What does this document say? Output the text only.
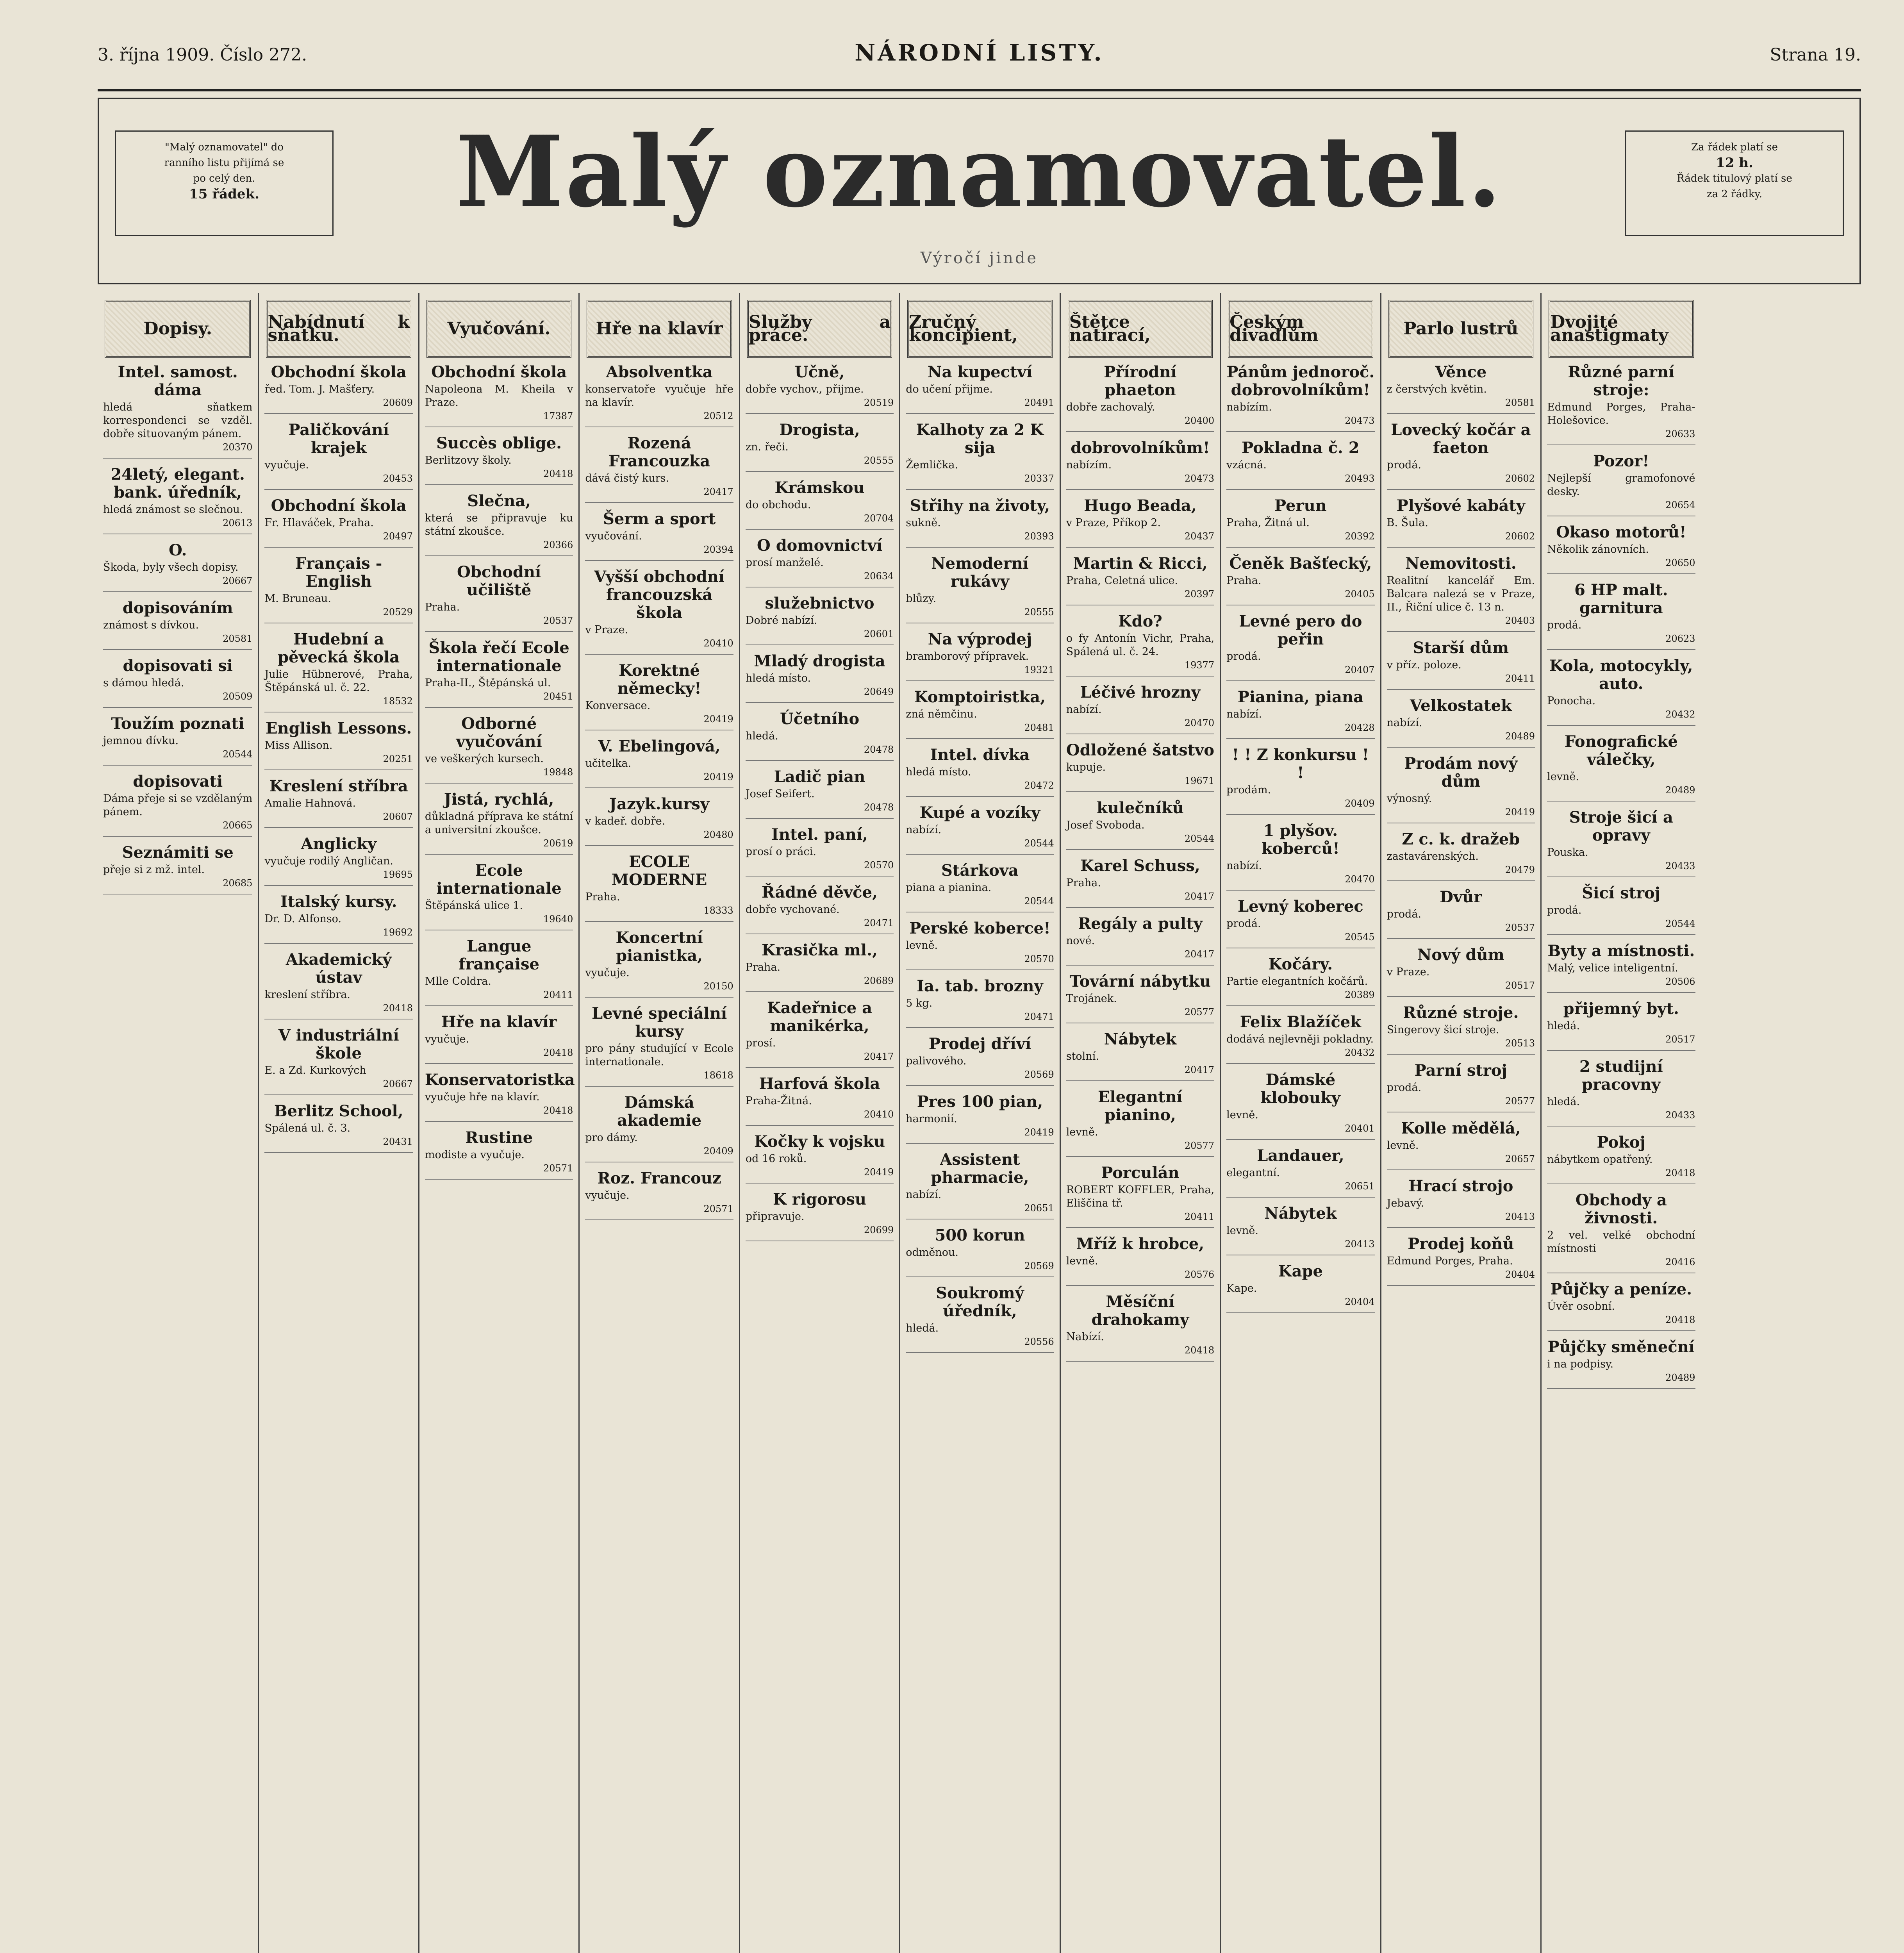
3. října 1909. Číslo 272.	NÁRODNÍ LISTY.	Strana 19.
"Malý oznamovatel" do
ranního listu přijímá se
po celý den.
15 řádek.	Malý oznamovatel.	Za řádek platí se
12 h.
Řádek titulový platí se
za 2 řádky.
Výročí jinde
Dopisy.
Intel. samost. dáma
hledá sňatkem korrespondenci se vzděl. dobře situovaným pánem.
20370
24letý, elegant. bank. úředník,
hledá známost se slečnou.
20613
O.
Škoda, byly všech dopisy.
20667
dopisováním
známost s dívkou.
20581
dopisovati si
s dámou hledá.
20509
Toužím poznati
jemnou dívku.
20544
dopisovati
Dáma přeje si se vzdělaným pánem.
20665
Seznámiti se
přeje si z mž. intel.
20685
Nabídnutí k sňatku.
Obchodní škola
řed. Tom. J. Mašťery.
20609
Paličkování krajek
vyučuje.
20453
Obchodní škola
Fr. Hlaváček, Praha.
20497
Français - English
M. Bruneau.
20529
Hudební a pěvecká škola
Julie Hübnerové, Praha, Štěpánská ul. č. 22.
18532
English Lessons.
Miss Allison.
20251
Kreslení stříbra
Amalie Hahnová.
20607
Anglicky
vyučuje rodilý Angličan.
19695
Italský kursy.
Dr. D. Alfonso.
19692
Akademický ústav
kreslení stříbra.
20418
V industriální škole
E. a Zd. Kurkových
20667
Berlitz School,
Spálená ul. č. 3.
20431
Vyučování.
Obchodní škola
Napoleona M. Kheila v Praze.
17387
Succès oblige.
Berlitzovy školy.
20418
Slečna,
která se připravuje ku státní zkoušce.
20366
Obchodní učiliště
Praha.
20537
Škola řečí Ecole internationale
Praha-II., Štěpánská ul.
20451
Odborné vyučování
ve veškerých kursech.
19848
Jistá, rychlá,
důkladná příprava ke státní a universitní zkoušce.
20619
Ecole internationale
Štěpánská ulice 1.
19640
Langue française
Mlle Coldra.
20411
Hře na klavír
vyučuje.
20418
Konservatoristka
vyučuje hře na klavír.
20418
Rustine
modiste a vyučuje.
20571
Hře na klavír
Absolventka
konservatoře vyučuje hře na klavír.
20512
Rozená Francouzka
dává čistý kurs.
20417
Šerm a sport
vyučování.
20394
Vyšší obchodní francouzská škola
v Praze.
20410
Korektné německy!
Konversace.
20419
V. Ebelingová,
učitelka.
20419
Jazyk.kursy
v kadeř. dobře.
20480
ECOLE MODERNE
Praha.
18333
Koncertní pianistka,
vyučuje.
20150
Levné speciální kursy
pro pány studující v Ecole internationale.
18618
Dámská akademie
pro dámy.
20409
Roz. Francouz
vyučuje.
20571
Služby a práce.
Učně,
dobře vychov., přijme.
20519
Drogista,
zn. řeči.
20555
Krámskou
do obchodu.
20704
O domovnictví
prosí manželé.
20634
služebnictvo
Dobré nabízí.
20601
Mladý drogista
hledá místo.
20649
Účetního
hledá.
20478
Ladič pian
Josef Seifert.
20478
Intel. paní,
prosí o práci.
20570
Řádné děvče,
dobře vychované.
20471
Krasička ml.,
Praha.
20689
Kadeřnice a manikérka,
prosí.
20417
Harfová škola
Praha-Žitná.
20410
Kočky k vojsku
od 16 roků.
20419
K rigorosu
připravuje.
20699
Zručný koncipient,
Na kupectví
do učení přijme.
20491
Kalhoty za 2 K sija
Žemlička.
20337
Střihy na životy,
sukně.
20393
Nemoderní rukávy
blůzy.
20555
Na výprodej
bramborový přípravek.
19321
Komptoiristka,
zná němčinu.
20481
Intel. dívka
hledá místo.
20472
Kupé a vozíky
nabízí.
20544
Stárkova
piana a pianina.
20544
Perské koberce!
levně.
20570
Ia. tab. brozny
5 kg.
20471
Prodej dříví
palivového.
20569
Pres 100 pian,
harmonií.
20419
Assistent pharmacie,
nabízí.
20651
500 korun
odměnou.
20569
Soukromý úředník,
hledá.
20556
Štětce natírací,
Přírodní phaeton
dobře zachovalý.
20400
dobrovolníkům!
nabízím.
20473
Hugo Beada,
v Praze, Příkop 2.
20437
Martin & Ricci,
Praha, Celetná ulice.
20397
Kdo?
o fy Antonín Vichr, Praha, Spálená ul. č. 24.
19377
Léčivé hrozny
nabízí.
20470
Odložené šatstvo
kupuje.
19671
kulečníků
Josef Svoboda.
20544
Karel Schuss,
Praha.
20417
Regály a pulty
nové.
20417
Tovární nábytku
Trojánek.
20577
Nábytek
stolní.
20417
Elegantní pianino,
levně.
20577
Porculán
ROBERT KOFFLER, Praha, Eliščina tř.
20411
Mříž k hrobce,
levně.
20576
Měsíční drahokamy
Nabízí.
20418
Českým divadlům
Pánům jednoroč. dobrovolníkům!
nabízím.
20473
Pokladna č. 2
vzácná.
20493
Perun
Praha, Žitná ul.
20392
Čeněk Bašťecký,
Praha.
20405
Levné pero do peřin
prodá.
20407
Pianina, piana
nabízí.
20428
! ! Z konkursu ! !
prodám.
20409
1 plyšov. koberců!
nabízí.
20470
Levný koberec
prodá.
20545
Kočáry.
Partie elegantních kočárů.
20389
Felix Blažíček
dodává nejlevněji pokladny.
20432
Dámské klobouky
levně.
20401
Landauer,
elegantní.
20651
Nábytek
levně.
20413
Kape
Kape.
20404
Parlo lustrů
Věnce
z čerstvých květin.
20581
Lovecký kočár a faeton
prodá.
20602
Plyšové kabáty
B. Šula.
20602
Nemovitosti.
Realitní kancelář Em. Balcara nalezá se v Praze, II., Řiční ulice č. 13 n.
20403
Starší dům
v příz. poloze.
20411
Velkostatek
nabízí.
20489
Prodám nový dům
výnosný.
20419
Z c. k. dražeb
zastavárenských.
20479
Dvůr
prodá.
20537
Nový dům
v Praze.
20517
Různé stroje.
Singerovy šicí stroje.
20513
Parní stroj
prodá.
20577
Kolle mědělá,
levně.
20657
Hrací strojo
Jebavý.
20413
Prodej koňů
Edmund Porges, Praha.
20404
Dvojité anastigmaty
Různé parní stroje:
Edmund Porges, Praha-Holešovice.
20633
Pozor!
Nejlepší gramofonové desky.
20654
Okaso motorů!
Několik zánovních.
20650
6 HP malt. garnitura
prodá.
20623
Kola, motocykly, auto.
Ponocha.
20432
Fonografické válečky,
levně.
20489
Stroje šicí a opravy
Pouska.
20433
Šicí stroj
prodá.
20544
Byty a místnosti.
Malý, velice inteligentní.
20506
přijemný byt.
hledá.
20517
2 studijní pracovny
hledá.
20433
Pokoj
nábytkem opatřený.
20418
Obchody a živnosti.
2 vel. velké obchodní místnosti
20416
Půjčky a peníze.
Úvěr osobní.
20418
Půjčky směneční
i na podpisy.
20489
